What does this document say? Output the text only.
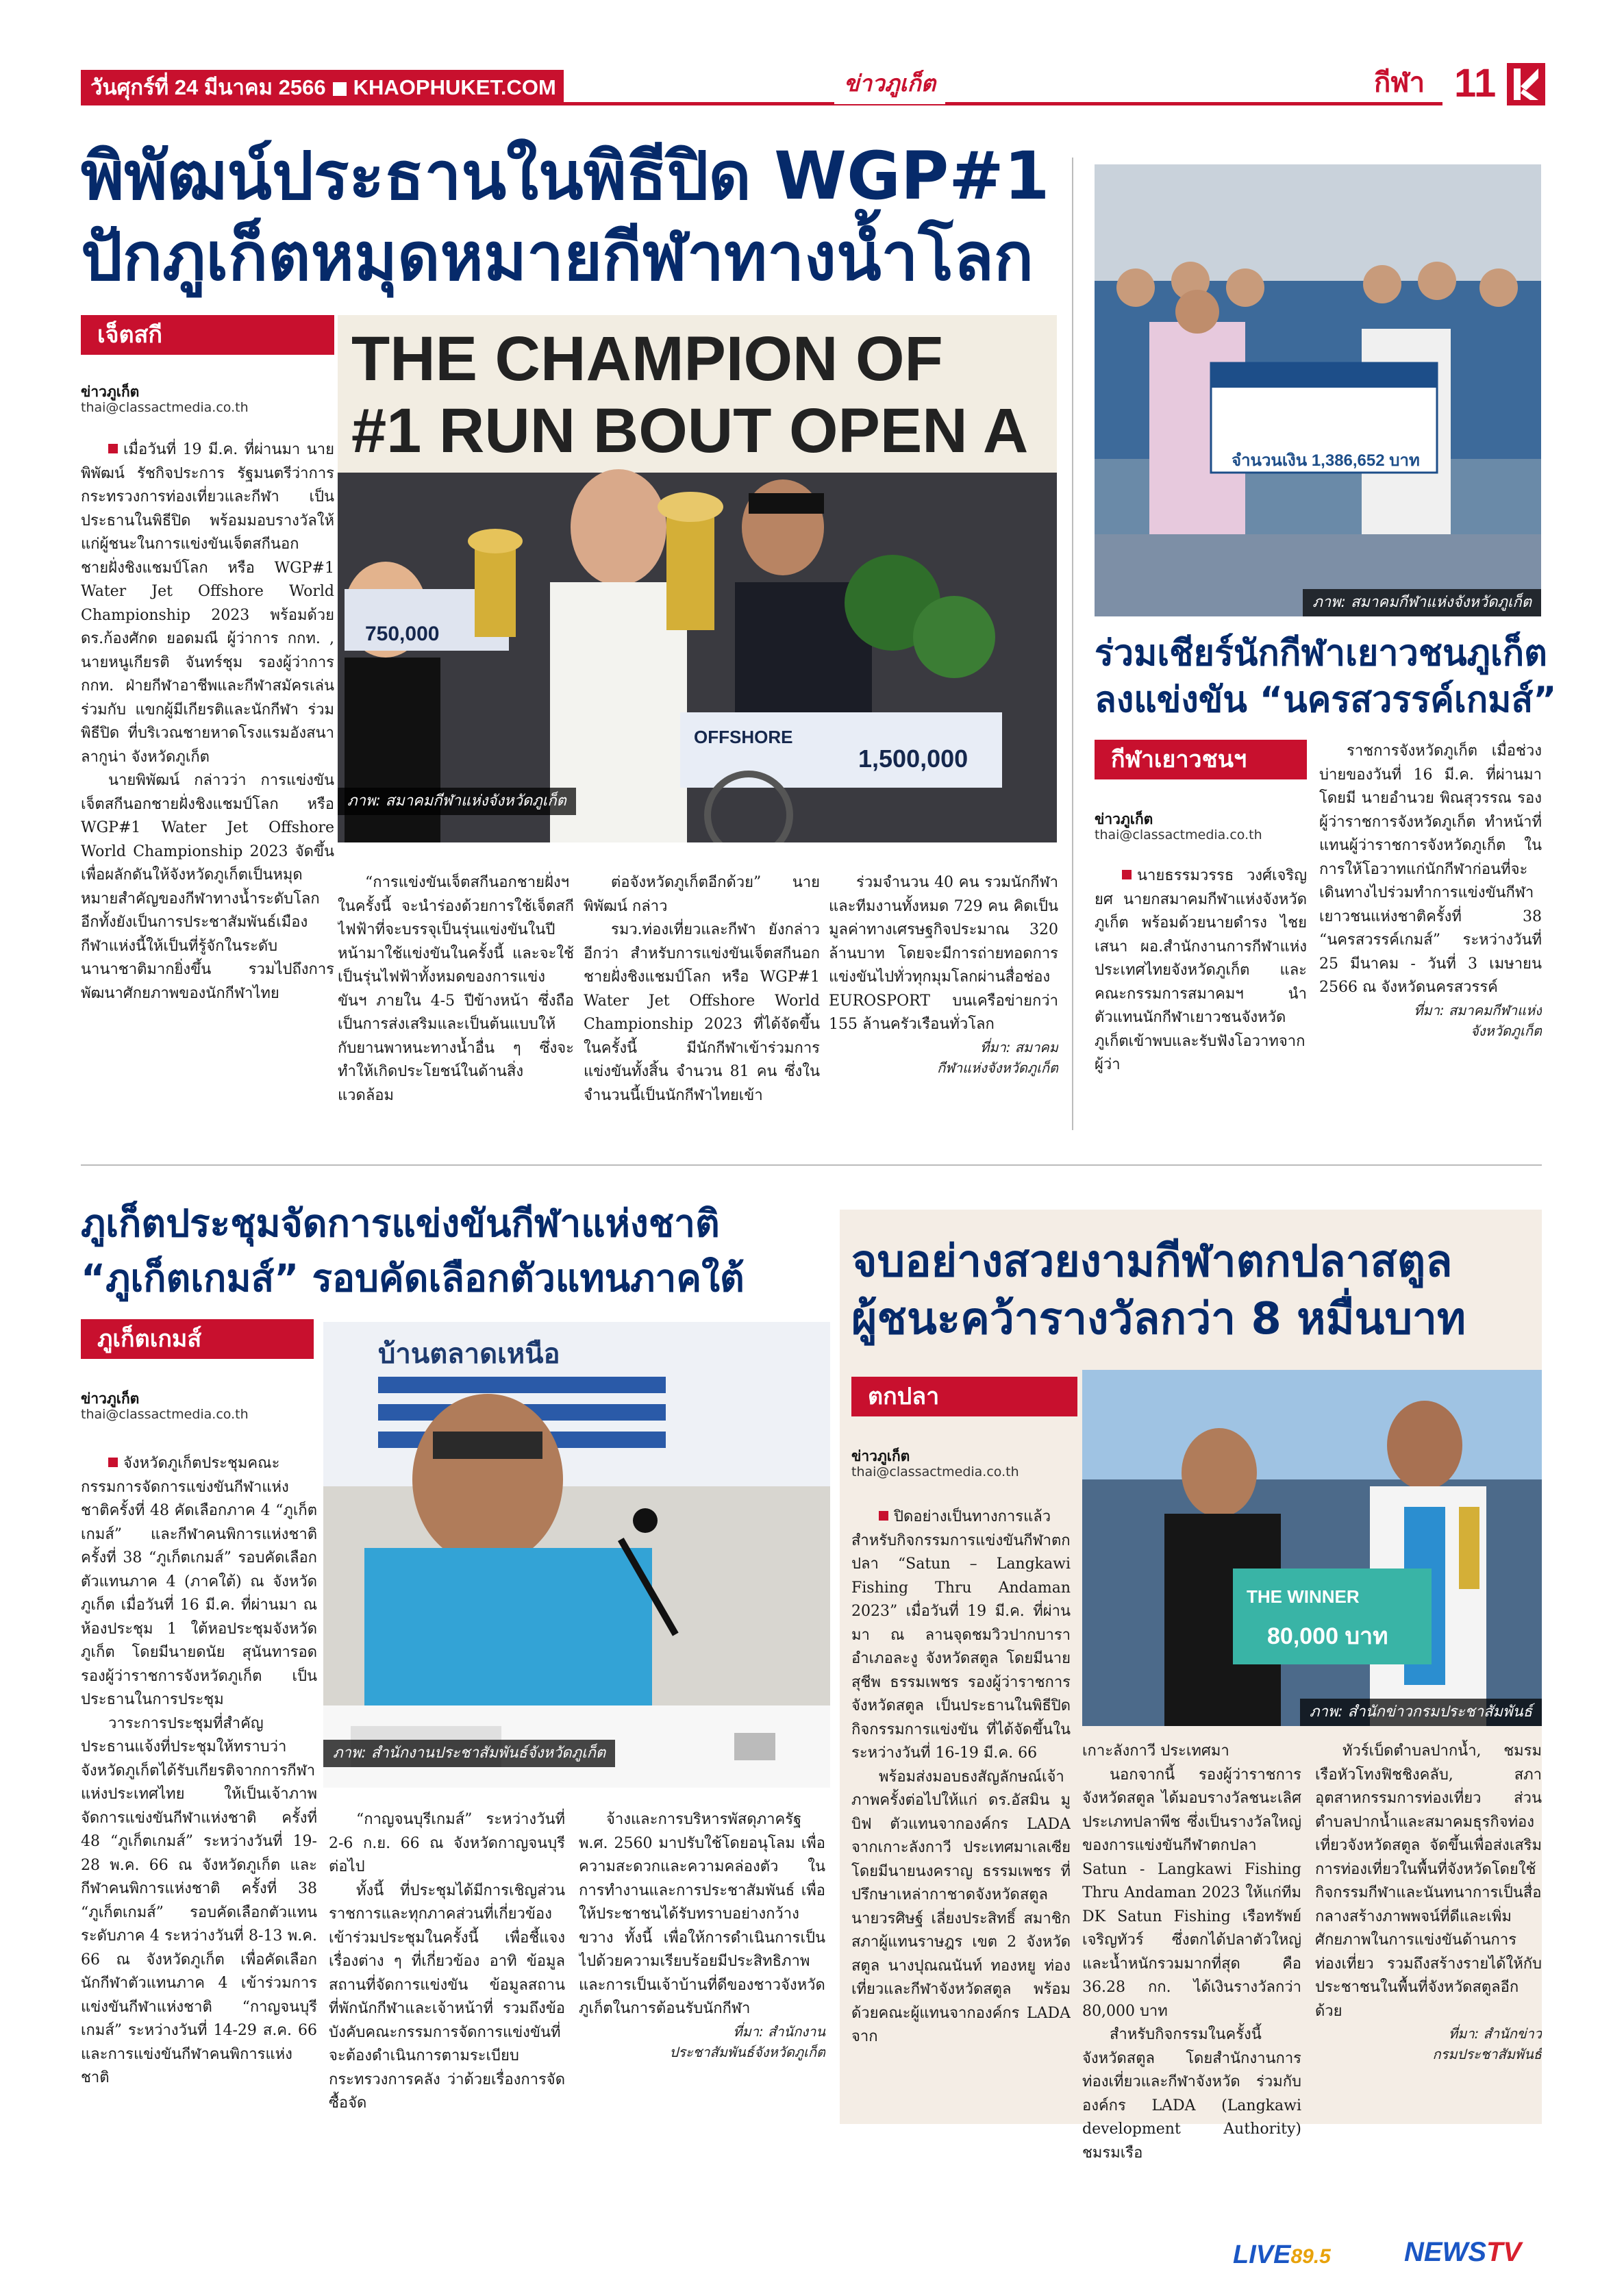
วันศุกร์ที่ 24 มีนาคม 2566 KHAOPHUKET.COM	ข่าวภูเก็ต	กีฬา 11
พิพัฒน์ประธานในพิธีปิด WGP#1
ปักภูเก็ตหมุดหมายกีฬาทางน้ำโลก
เจ็ตสกี
ข่าวภูเก็ต
thai@classactmedia.co.th
THE CHAMPION OF
#1 RUN BOUT OPEN A
750,000
OFFSHORE
1,500,000
ภาพ: สมาคมกีฬาแห่งจังหวัดภูเก็ต

เมื่อวันที่ 19 มี.ค. ที่ผ่านมา นายพิพัฒน์ รัชกิจประการ รัฐมนตรีว่าการกระทรวงการท่องเที่ยวและกีฬา เป็นประธานในพิธีปิด พร้อมมอบรางวัลให้แก่ผู้ชนะในการแข่งขันเจ็ตสกีนอกชายฝั่งชิงแชมป์โลก หรือ WGP#1 Water Jet Offshore World Championship 2023 พร้อมด้วย ดร.ก้องศักด ยอดมณี ผู้ว่าการ กกท. , นายหนูเกียรติ จันทร์ชุม รองผู้ว่าการ กกท. ฝ่ายกีฬาอาชีพและกีฬาสมัครเล่น ร่วมกับ แขกผู้มีเกียรติและนักกีฬา ร่วมพิธีปิด ที่บริเวณชายหาดโรงแรมอังสนา ลากูน่า จังหวัดภูเก็ต

นายพิพัฒน์ กล่าวว่า การแข่งขันเจ็ตสกีนอกชายฝั่งชิงแชมป์โลก หรือ WGP#1 Water Jet Offshore World Championship 2023 จัดขึ้นเพื่อผลักดันให้จังหวัดภูเก็ตเป็นหมุดหมายสำคัญของกีฬาทางน้ำระดับโลก อีกทั้งยังเป็นการประชาสัมพันธ์เมืองกีฬาแห่งนี้ให้เป็นที่รู้จักในระดับนานาชาติมากยิ่งขึ้น รวมไปถึงการพัฒนาศักยภาพของนักกีฬาไทย

“การแข่งขันเจ็ตสกีนอกชายฝั่งฯ ในครั้งนี้ จะนำร่องด้วยการใช้เจ็ตสกีไฟฟ้าที่จะบรรจุเป็นรุ่นแข่งขันในปีหน้ามาใช้แข่งขันในครั้งนี้ และจะใช้เป็นรุ่นไฟฟ้าทั้งหมดของการแข่งขันฯ ภายใน 4-5 ปีข้างหน้า ซึ่งถือเป็นการส่งเสริมและเป็นต้นแบบให้กับยานพาหนะทางน้ำอื่น ๆ ซึ่งจะทำให้เกิดประโยชน์ในด้านสิ่งแวดล้อม

ต่อจังหวัดภูเก็ตอีกด้วย” นายพิพัฒน์ กล่าว

รมว.ท่องเที่ยวและกีฬา ยังกล่าวอีกว่า สำหรับการแข่งขันเจ็ตสกีนอกชายฝั่งชิงแชมป์โลก หรือ WGP#1 Water Jet Offshore World Championship 2023 ที่ได้จัดขึ้นในครั้งนี้ มีนักกีฬาเข้าร่วมการแข่งขันทั้งสิ้น จำนวน 81 คน ซึ่งในจำนวนนี้เป็นนักกีฬาไทยเข้า

ร่วมจำนวน 40 คน รวมนักกีฬาและทีมงานทั้งหมด 729 คน คิดเป็นมูลค่าทางเศรษฐกิจประมาณ 320 ล้านบาท โดยจะมีการถ่ายทอดการแข่งขันไปทั่วทุกมุมโลกผ่านสื่อช่อง EUROSPORT บนเครือข่ายกว่า 155 ล้านครัวเรือนทั่วโลก

ที่มา: สมาคม
กีฬาแห่งจังหวัดภูเก็ต
จำนวนเงิน 1,386,652 บาท
ภาพ: สมาคมกีฬาแห่งจังหวัดภูเก็ต
ร่วมเชียร์นักกีฬาเยาวชนภูเก็ต
ลงแข่งขัน “นครสวรรค์เกมส์”
กีฬาเยาวชนฯ
ข่าวภูเก็ต
thai@classactmedia.co.th

นายธรรมวรรธ วงศ์เจริญยศ นายกสมาคมกีฬาแห่งจังหวัดภูเก็ต พร้อมด้วยนายดำรง ไชยเสนา ผอ.สำนักงานการกีฬาแห่งประเทศไทยจังหวัดภูเก็ต และคณะกรรมการสมาคมฯ นำตัวแทนนักกีฬาเยาวชนจังหวัดภูเก็ตเข้าพบและรับฟังโอวาทจากผู้ว่า

ราชการจังหวัดภูเก็ต เมื่อช่วงบ่ายของวันที่ 16 มี.ค. ที่ผ่านมา โดยมี นายอำนวย พิณสุวรรณ รองผู้ว่าราชการจังหวัดภูเก็ต ทำหน้าที่แทนผู้ว่าราชการจังหวัดภูเก็ต ในการให้โอวาทแก่นักกีฬาก่อนที่จะเดินทางไปร่วมทำการแข่งขันกีฬาเยาวชนแห่งชาติครั้งที่ 38 “นครสวรรค์เกมส์” ระหว่างวันที่ 25 มีนาคม - วันที่ 3 เมษายน 2566 ณ จังหวัดนครสวรรค์

ที่มา: สมาคมกีฬาแห่ง
จังหวัดภูเก็ต
ภูเก็ตประชุมจัดการแข่งขันกีฬาแห่งชาติ
“ภูเก็ตเกมส์” รอบคัดเลือกตัวแทนภาคใต้
ภูเก็ตเกมส์
ข่าวภูเก็ต
thai@classactmedia.co.th
บ้านตลาดเหนือ
ภาพ: สำนักงานประชาสัมพันธ์จังหวัดภูเก็ต

จังหวัดภูเก็ตประชุมคณะกรรมการจัดการแข่งขันกีฬาแห่งชาติครั้งที่ 48 คัดเลือกภาค 4 “ภูเก็ตเกมส์” และกีฬาคนพิการแห่งชาติครั้งที่ 38 “ภูเก็ตเกมส์” รอบคัดเลือกตัวแทนภาค 4 (ภาคใต้) ณ จังหวัดภูเก็ต เมื่อวันที่ 16 มี.ค. ที่ผ่านมา ณ ห้องประชุม 1 ใต้หอประชุมจังหวัดภูเก็ต โดยมีนายดนัย สุนันทารอด รองผู้ว่าราชการจังหวัดภูเก็ต เป็นประธานในการประชุม

วาระการประชุมที่สำคัญ ประธานแจ้งที่ประชุมให้ทราบว่า จังหวัดภูเก็ตได้รับเกียรติจากการกีฬาแห่งประเทศไทย ให้เป็นเจ้าภาพจัดการแข่งขันกีฬาแห่งชาติ ครั้งที่ 48 “ภูเก็ตเกมส์” ระหว่างวันที่ 19-28 พ.ค. 66 ณ จังหวัดภูเก็ต และกีฬาคนพิการแห่งชาติ ครั้งที่ 38 “ภูเก็ตเกมส์” รอบคัดเลือกตัวแทนระดับภาค 4 ระหว่างวันที่ 8-13 พ.ค. 66 ณ จังหวัดภูเก็ต เพื่อคัดเลือกนักกีฬาตัวแทนภาค 4 เข้าร่วมการแข่งขันกีฬาแห่งชาติ “กาญจนบุรีเกมส์” ระหว่างวันที่ 14-29 ส.ค. 66 และการแข่งขันกีฬาคนพิการแห่งชาติ

“กาญจนบุรีเกมส์” ระหว่างวันที่ 2-6 ก.ย. 66 ณ จังหวัดกาญจนบุรี ต่อไป

ทั้งนี้ ที่ประชุมได้มีการเชิญส่วนราชการและทุกภาคส่วนที่เกี่ยวข้องเข้าร่วมประชุมในครั้งนี้ เพื่อชี้แจงเรื่องต่าง ๆ ที่เกี่ยวข้อง อาทิ ข้อมูลสถานที่จัดการแข่งขัน ข้อมูลสถานที่พักนักกีฬาและเจ้าหน้าที่ รวมถึงข้อบังคับคณะกรรมการจัดการแข่งขันที่จะต้องดำเนินการตามระเบียบกระทรวงการคลัง ว่าด้วยเรื่องการจัดซื้อจัด

จ้างและการบริหารพัสดุภาครัฐ พ.ศ. 2560 มาปรับใช้โดยอนุโลม เพื่อความสะดวกและความคล่องตัว ในการทำงานและการประชาสัมพันธ์ เพื่อให้ประชาชนได้รับทราบอย่างกว้างขวาง ทั้งนี้ เพื่อให้การดำเนินการเป็นไปด้วยความเรียบร้อยมีประสิทธิภาพ และการเป็นเจ้าบ้านที่ดีของชาวจังหวัดภูเก็ตในการต้อนรับนักกีฬา

ที่มา: สำนักงาน
ประชาสัมพันธ์จังหวัดภูเก็ต
จบอย่างสวยงามกีฬาตกปลาสตูล
ผู้ชนะคว้ารางวัลกว่า 8 หมื่นบาท
ตกปลา
ข่าวภูเก็ต
thai@classactmedia.co.th
THE WINNER
80,000 บาท
ภาพ: สำนักข่าวกรมประชาสัมพันธ์

ปิดอย่างเป็นทางการแล้วสำหรับกิจกรรมการแข่งขันกีฬาตกปลา “Satun – Langkawi Fishing Thru Andaman 2023” เมื่อวันที่ 19 มี.ค. ที่ผ่านมา ณ ลานจุดชมวิวปากบาราอำเภอละงู จังหวัดสตูล โดยมีนายสุชีพ ธรรมเพชร รองผู้ว่าราชการจังหวัดสตูล เป็นประธานในพิธีปิดกิจกรรมการแข่งขัน ที่ได้จัดขึ้นในระหว่างวันที่ 16-19 มี.ค. 66

พร้อมส่งมอบธงสัญลักษณ์เจ้าภาพครั้งต่อไปให้แก่ ดร.อัสมิน มูบิฟ ตัวแทนจากองค์กร LADA จากเกาะลังกาวี ประเทศมาเลเซีย โดยมีนายนงคราญ ธรรมเพชร ที่ปรึกษาเหล่ากาชาดจังหวัดสตูล นายวรศิษฐ์ เลี่ยงประสิทธิ์ สมาชิกสภาผู้แทนราษฎร เขต 2 จังหวัดสตูล นางปุณณนันท์ ทองหยู ท่องเที่ยวและกีฬาจังหวัดสตูล พร้อมด้วยคณะผู้แทนจากองค์กร LADA จาก

เกาะลังกาวี ประเทศมา

นอกจากนี้ รองผู้ว่าราชการจังหวัดสตูล ได้มอบรางวัลชนะเลิศประเภทปลาพีช ซึ่งเป็นรางวัลใหญ่ของการแข่งขันกีฬาตกปลา Satun - Langkawi Fishing Thru Andaman 2023 ให้แก่ทีม DK Satun Fishing เรือทรัพย์เจริญทัวร์ ซึ่งตกได้ปลาตัวใหญ่และน้ำหนักรวมมากที่สุด คือ 36.28 กก. ได้เงินรางวัลกว่า 80,000 บาท

สำหรับกิจกรรมในครั้งนี้ จังหวัดสตูล โดยสำนักงานการท่องเที่ยวและกีฬาจังหวัด ร่วมกับองค์กร LADA (Langkawi development Authority) ชมรมเรือ

ทัวร์เบ็ดตำบลปากน้ำ, ชมรมเรือหัวโทงฟิชชิงคลับ, สภาอุตสาหกรรมการท่องเที่ยว ส่วนตำบลปากน้ำและสมาคมธุรกิจท่องเที่ยวจังหวัดสตูล จัดขึ้นเพื่อส่งเสริมการท่องเที่ยวในพื้นที่จังหวัดโดยใช้กิจกรรมกีฬาและนันทนาการเป็นสื่อกลางสร้างภาพพจน์ที่ดีและเพิ่มศักยภาพในการแข่งขันด้านการท่องเที่ยว รวมถึงสร้างรายได้ให้กับประชาชนในพื้นที่จังหวัดสตูลอีกด้วย

ที่มา: สำนักข่าว
กรมประชาสัมพันธ์
LIVE89.5	NEWSTV
